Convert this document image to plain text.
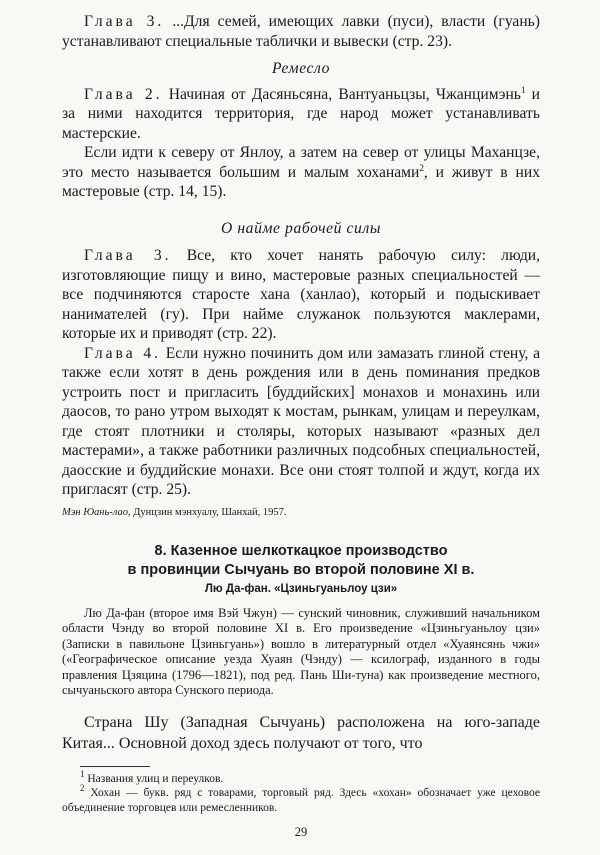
Глава 3. ...Для семей, имеющих лавки (пуси), власти (гуань) устанавливают специальные таблички и вывески (стр. 23).

Ремесло

Глава 2. Начиная от Дасяньсяна, Вантуаньцзы, Чжанцимэнь$^1$ и за ними находится территория, где народ может устанавливать мастерские.

Если идти к северу от Янлоу, а затем на север от улицы Маханцзе, это место называется большим и малым хоханами$^2$, и живут в них мастеровые (стр. 14, 15).

О найме рабочей силы

Глава 3. Все, кто хочет нанять рабочую силу: люди, изготовляющие пищу и вино, мастеровые разных специальностей — все подчиняются старосте хана (ханлао), который и подыскивает нанимателей (гу). При найме служанок пользуются маклерами, которые их и приводят (стр. 22).

Глава 4. Если нужно починить дом или замазать глиной стену, а также если хотят в день рождения или в день поминания предков устроить пост и пригласить [буддийских] монахов и монахинь или даосов, то рано утром выходят к мостам, рынкам, улицам и переулкам, где стоят плотники и столяры, которых называют «разных дел мастерами», а также работники различных подсобных специальностей, даосские и буддийские монахи. Все они стоят толпой и ждут, когда их пригласят (стр. 25).

Мэн Юань-лао, Дунцзин мэнхуалу, Шанхай, 1957.

8. Казенное шелкоткацкое производство
в провинции Сычуань во второй половине XI в.

Лю Да-фан. «Цзиньгуаньлоу цзи»

Лю Да-фан (второе имя Вэй Чжун) — сунский чиновник, служивший начальником области Чэнду во второй половине XI в. Его произведение «Цзиньгуаньлоу цзи» (Записки в павильоне Цзиньгуань») вошло в литературный отдел «Хуаянсянь чжи» («Географическое описание уезда Хуаян (Чэнду) — ксилограф, изданного в годы правления Цзяцина (1796—1821), под ред. Пань Ши-туна) как произведение местного, сычуаньского автора Сунского периода.

Страна Шу (Западная Сычуань) расположена на юго-западе Китая... Основной доход здесь получают от того, что

$^1$ Названия улиц и переулков.

$^2$ Хохан — букв. ряд с товарами, торговый ряд. Здесь «хохан» обозначает уже цеховое объединение торговцев или ремесленников.

29
